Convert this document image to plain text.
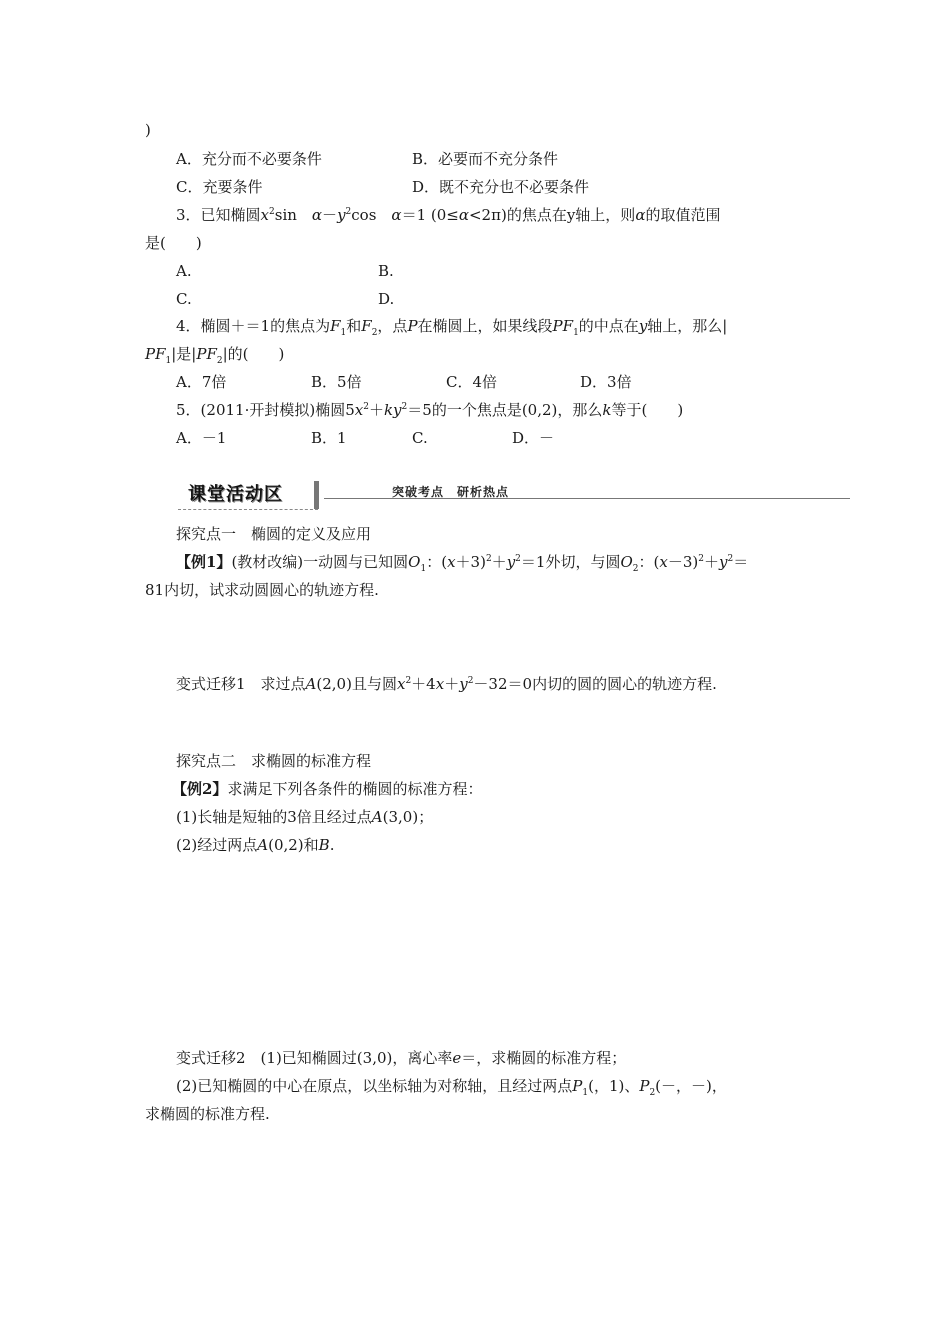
)
A．充分而不必要条件	B．必要而不充分条件
C．充要条件	D．既不充分也不必要条件
3．已知椭圆$x^2\sin$　$\alpha-y^2\cos$　α＝1 (0≤α<2π)的焦点在y轴上，则α的取值范围
是(　　)
A.	B.
C.	D.
4．椭圆＋＝1的焦点为$F_1$和$F_2$，点P在椭圆上，如果线段$PF_1$的中点在y轴上，那么|
$PF_1|$是$|PF_2|$的(　　)
A．7倍	B．5倍	C．4倍	D．3倍
5．(2011·开封模拟)椭圆$5x^2+ky^2=5$的一个焦点是(0,2)，那么k等于(　　)
A．－1	B．1	C.	D．－
课堂活动区	突破考点　研析热点
探究点一　椭圆的定义及应用
【例1】(教材改编)一动圆与已知圆$O_1$：$(x+3)^2+y^2=1$外切，与圆$O_2$：$(x-3)^2+y^2=$
81内切，试求动圆圆心的轨迹方程.
变式迁移1　求过点A(2,0)且与圆$x^2+4x+y^2-32=0$内切的圆的圆心的轨迹方程.
探究点二　求椭圆的标准方程
【例2】求满足下列各条件的椭圆的标准方程：
(1)长轴是短轴的3倍且经过点A(3,0)；
(2)经过两点A(0,2)和B.
变式迁移2　(1)已知椭圆过(3,0)，离心率e＝，求椭圆的标准方程；
(2)已知椭圆的中心在原点，以坐标轴为对称轴，且经过两点$P_1$(，1)、$P_2(-$，－)，
求椭圆的标准方程.
